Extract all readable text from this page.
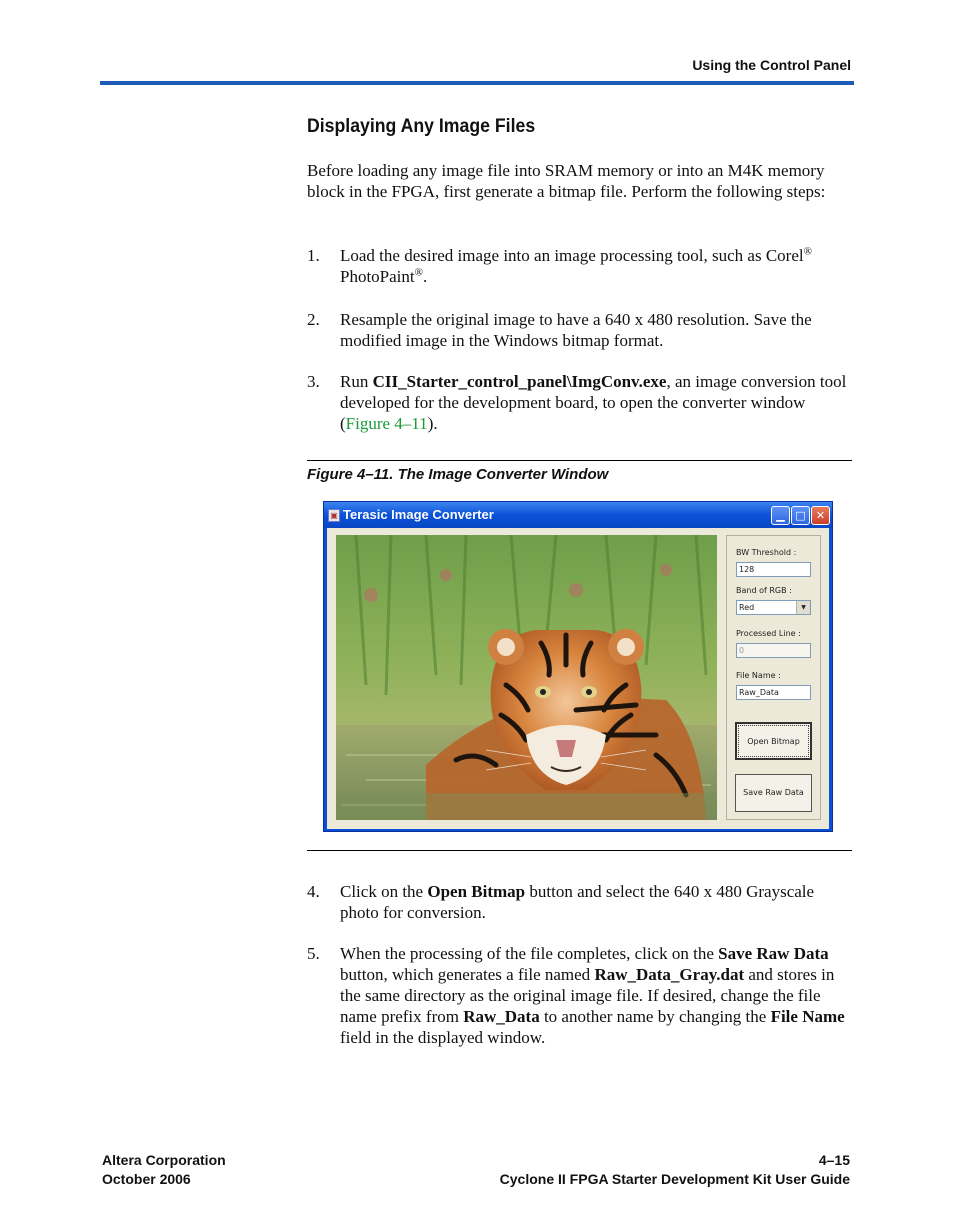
Using the Control Panel
Displaying Any Image Files
Before loading any image file into SRAM memory or into an M4K memory block in the FPGA, first generate a bitmap file. Perform the following steps:
1. Load the desired image into an image processing tool, such as Corel® PhotoPaint®.
2. Resample the original image to have a 640 x 480 resolution. Save the modified image in the Windows bitmap format.
3. Run CII_Starter_control_panel\ImgConv.exe, an image conversion tool developed for the development board, to open the converter window (Figure 4–11).
Figure 4–11. The Image Converter Window
▣ Terasic Image Converter	▁ □ ✕
BW Threshold :
128
Band of RGB :
Red	▼
Processed Line :
0
File Name :
Raw_Data
Open Bitmap
Save Raw Data
4. Click on the Open Bitmap button and select the 640 x 480 Grayscale photo for conversion.
5. When the processing of the file completes, click on the Save Raw Data button, which generates a file named Raw_Data_Gray.dat and stores in the same directory as the original image file. If desired, change the file name prefix from Raw_Data to another name by changing the File Name field in the displayed window.
Altera Corporation
October 2006
4–15
Cyclone II FPGA Starter Development Kit User Guide
